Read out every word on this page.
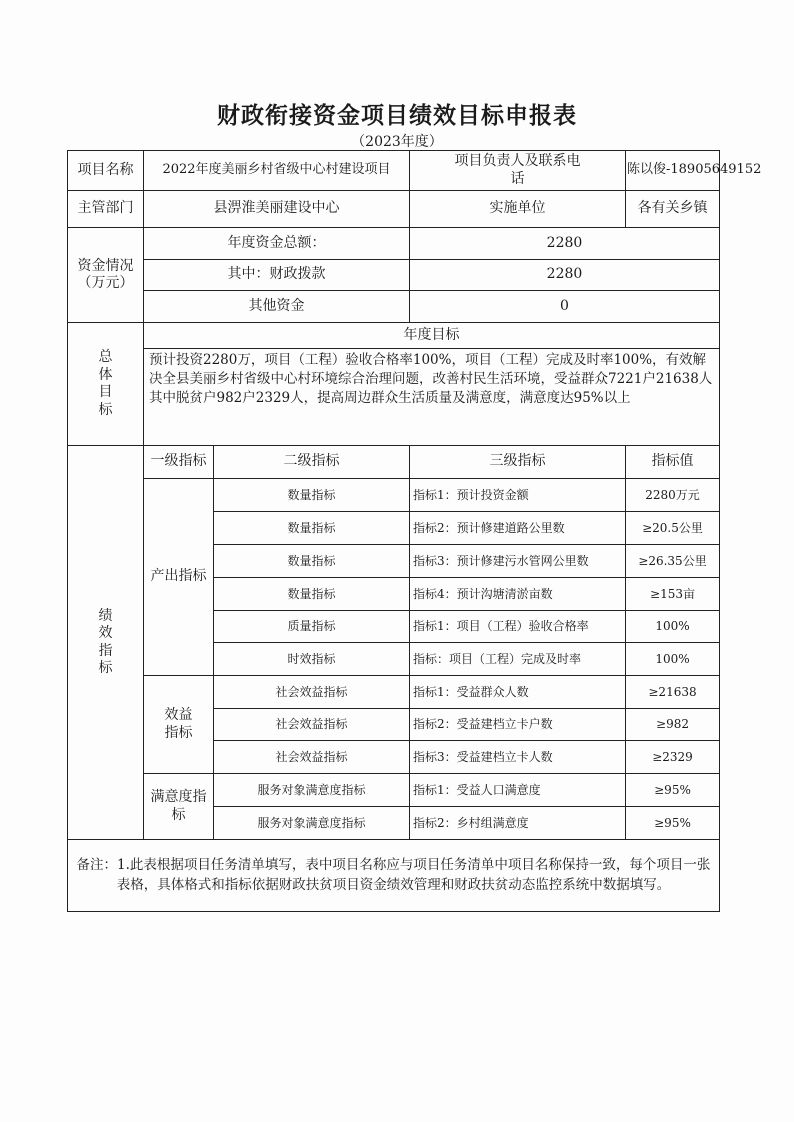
财政衔接资金项目绩效目标申报表
（2023年度）
项目名称	2022年度美丽乡村省级中心村建设项目		项目负责人及联系电话	陈以俊-18905649152
主管部门	县淠淮美丽建设中心		实施单位	各有关乡镇
资金情况（万元）	年度资金总额：		2280	
	其中：财政拨款		2280	
	其他资金		0	
总体目标	年度目标			
	预计投资2280万，项目（工程）验收合格率100%，项目（工程）完成及时率100%，有效解决全县美丽乡村省级中心村环境综合治理问题，改善村民生活环境，受益群众7221户21638人其中脱贫户982户2329人，提高周边群众生活质量及满意度，满意度达95%以上			
绩效指标	一级指标	二级指标	三级指标	指标值
	产出指标	数量指标	指标1：预计投资金额	2280万元
		数量指标	指标2：预计修建道路公里数	≥20.5公里
		数量指标	指标3：预计修建污水管网公里数	≥26.35公里
		数量指标	指标4：预计沟塘清淤亩数	≥153亩
		质量指标	指标1：项目（工程）验收合格率	100%
		时效指标	指标：项目（工程）完成及时率	100%
	效益指标	社会效益指标	指标1：受益群众人数	≥21638
		社会效益指标	指标2：受益建档立卡户数	≥982
		社会效益指标	指标3：受益建档立卡人数	≥2329
	满意度指标	服务对象满意度指标	指标1：受益人口满意度	≥95%
		服务对象满意度指标	指标2：乡村组满意度	≥95%
备注：1.此表根据项目任务清单填写，表中项目名称应与项目任务清单中项目名称保持一致，每个项目一张表格，具体格式和指标依据财政扶贫项目资金绩效管理和财政扶贫动态监控系统中数据填写。				
